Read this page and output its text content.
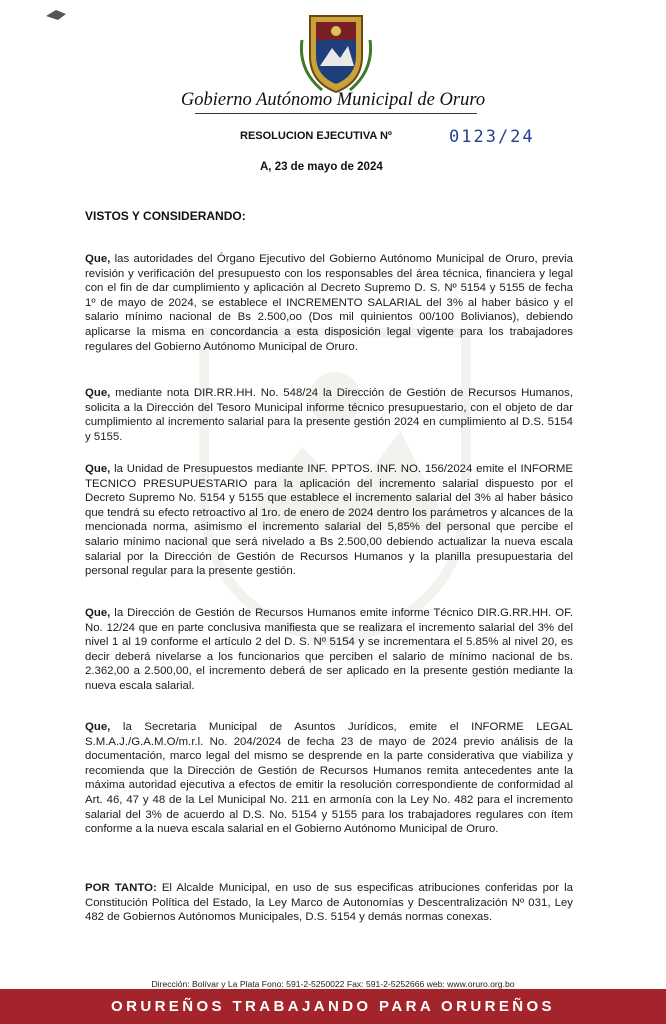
Gobierno Autónomo Municipal de Oruro
RESOLUCION EJECUTIVA Nº	0123/24
A, 23 de mayo de 2024
VISTOS Y CONSIDERANDO:

Que, las autoridades del Órgano Ejecutivo del Gobierno Autónomo Municipal de Oruro, previa revisión y verificación del presupuesto con los responsables del área técnica, financiera y legal con el fin de dar cumplimiento y aplicación al Decreto Supremo D. S. Nº 5154 y 5155 de fecha 1º de mayo de 2024, se establece el INCREMENTO SALARIAL del 3% al haber básico y el salario mínimo nacional de Bs 2.500,oo (Dos mil quinientos 00/100 Bolivianos), debiendo aplicarse la misma en concordancia a esta disposición legal vigente para los trabajadores regulares del Gobierno Autónomo Municipal de Oruro.

Que, mediante nota DIR.RR.HH. No. 548/24 la Dirección de Gestión de Recursos Humanos, solicita a la Dirección del Tesoro Municipal informe técnico presupuestario, con el objeto de dar cumplimiento al incremento salarial para la presente gestión 2024 en cumplimiento al D.S. 5154 y 5155.

Que, la Unidad de Presupuestos mediante INF. PPTOS. INF. NO. 156/2024 emite el INFORME TECNICO PRESUPUESTARIO para la aplicación del incremento salarial dispuesto por el Decreto Supremo No. 5154 y 5155 que establece el incremento salarial del 3% al haber básico que tendrá su efecto retroactivo al 1ro. de enero de 2024 dentro los parámetros y alcances de la mencionada norma, asimismo el incremento salarial del 5,85% del personal que percibe el salario mínimo nacional que será nivelado a Bs 2.500,00 debiendo actualizar la nueva escala salarial por la Dirección de Gestión de Recursos Humanos y la planilla presupuestaria del personal regular para la presente gestión.

Que, la Dirección de Gestión de Recursos Humanos emite informe Técnico DIR.G.RR.HH. OF. No. 12/24 que en parte conclusiva manifiesta que se realizara el incremento salarial del 3% del nivel 1 al 19 conforme el artículo 2 del D. S. Nº 5154 y se incrementara el 5.85% al nivel 20, es decir deberá nivelarse a los funcionarios que perciben el salario de mínimo nacional de bs. 2.362,00 a 2.500,00, el incremento deberá de ser aplicado en la presente gestión mediante la nueva escala salarial.

Que, la Secretaria Municipal de Asuntos Jurídicos, emite el INFORME LEGAL S.M.A.J./G.A.M.O/m.r.l. No. 204/2024 de fecha 23 de mayo de 2024 previo análisis de la documentación, marco legal del mismo se desprende en la parte considerativa que viabiliza y recomienda que la Dirección de Gestión de Recursos Humanos remita antecedentes ante la máxima autoridad ejecutiva a efectos de emitir la resolución correspondiente de conformidad al Art. 46, 47 y 48 de la Lel Municipal No. 211 en armonía con la Ley No. 482 para el incremento salarial del 3% de acuerdo al D.S. No. 5154 y 5155 para los trabajadores regulares con ítem conforme a la nueva escala salarial en el Gobierno Autónomo Municipal de Oruro.

POR TANTO: El Alcalde Municipal, en uso de sus especificas atribuciones conferidas por la Constitución Política del Estado, la Ley Marco de Autonomías y Descentralización Nº 031, Ley 482 de Gobiernos Autónomos Municipales, D.S. 5154 y demás normas conexas.

Dirección: Bolívar y La Plata Fono: 591-2-5250022 Fax: 591-2-5252666 web: www.oruro.org.bo
ORUREÑOS TRABAJANDO PARA ORUREÑOS
